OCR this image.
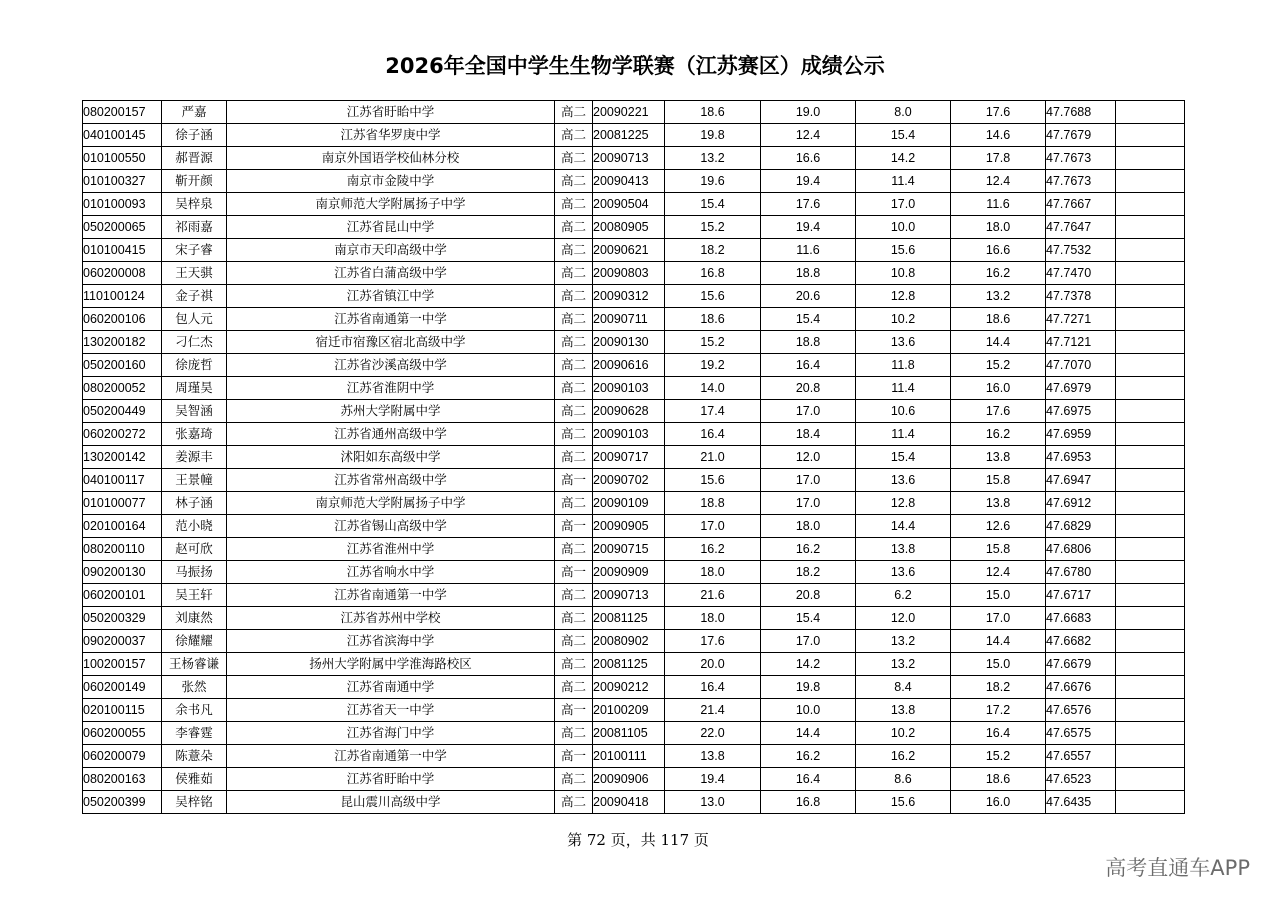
2026年全国中学生生物学联赛（江苏赛区）成绩公示
080200157	严嘉	江苏省盱眙中学	高二	20090221	18.6	19.0	8.0	17.6	47.7688	
040100145	徐子涵	江苏省华罗庚中学	高二	20081225	19.8	12.4	15.4	14.6	47.7679	
010100550	郝晋源	南京外国语学校仙林分校	高二	20090713	13.2	16.6	14.2	17.8	47.7673	
010100327	靳开颜	南京市金陵中学	高二	20090413	19.6	19.4	11.4	12.4	47.7673	
010100093	吴梓泉	南京师范大学附属扬子中学	高二	20090504	15.4	17.6	17.0	11.6	47.7667	
050200065	祁雨嘉	江苏省昆山中学	高二	20080905	15.2	19.4	10.0	18.0	47.7647	
010100415	宋子睿	南京市天印高级中学	高二	20090621	18.2	11.6	15.6	16.6	47.7532	
060200008	王天骐	江苏省白蒲高级中学	高二	20090803	16.8	18.8	10.8	16.2	47.7470	
110100124	金子祺	江苏省镇江中学	高二	20090312	15.6	20.6	12.8	13.2	47.7378	
060200106	包人元	江苏省南通第一中学	高二	20090711	18.6	15.4	10.2	18.6	47.7271	
130200182	刁仁杰	宿迁市宿豫区宿北高级中学	高二	20090130	15.2	18.8	13.6	14.4	47.7121	
050200160	徐庞哲	江苏省沙溪高级中学	高二	20090616	19.2	16.4	11.8	15.2	47.7070	
080200052	周瑾昊	江苏省淮阴中学	高二	20090103	14.0	20.8	11.4	16.0	47.6979	
050200449	吴智涵	苏州大学附属中学	高二	20090628	17.4	17.0	10.6	17.6	47.6975	
060200272	张嘉琦	江苏省通州高级中学	高二	20090103	16.4	18.4	11.4	16.2	47.6959	
130200142	姜源丰	沭阳如东高级中学	高二	20090717	21.0	12.0	15.4	13.8	47.6953	
040100117	王景幢	江苏省常州高级中学	高一	20090702	15.6	17.0	13.6	15.8	47.6947	
010100077	林子涵	南京师范大学附属扬子中学	高二	20090109	18.8	17.0	12.8	13.8	47.6912	
020100164	范小晓	江苏省锡山高级中学	高一	20090905	17.0	18.0	14.4	12.6	47.6829	
080200110	赵可欣	江苏省淮州中学	高二	20090715	16.2	16.2	13.8	15.8	47.6806	
090200130	马振扬	江苏省响水中学	高一	20090909	18.0	18.2	13.6	12.4	47.6780	
060200101	吴王轩	江苏省南通第一中学	高二	20090713	21.6	20.8	6.2	15.0	47.6717	
050200329	刘康然	江苏省苏州中学校	高二	20081125	18.0	15.4	12.0	17.0	47.6683	
090200037	徐耀耀	江苏省滨海中学	高二	20080902	17.6	17.0	13.2	14.4	47.6682	
100200157	王杨睿谦	扬州大学附属中学淮海路校区	高二	20081125	20.0	14.2	13.2	15.0	47.6679	
060200149	张然	江苏省南通中学	高二	20090212	16.4	19.8	8.4	18.2	47.6676	
020100115	余书凡	江苏省天一中学	高一	20100209	21.4	10.0	13.8	17.2	47.6576	
060200055	李睿霆	江苏省海门中学	高二	20081105	22.0	14.4	10.2	16.4	47.6575	
060200079	陈薏朵	江苏省南通第一中学	高一	20100111	13.8	16.2	16.2	15.2	47.6557	
080200163	侯雅茹	江苏省盱眙中学	高二	20090906	19.4	16.4	8.6	18.6	47.6523	
050200399	吴梓铭	昆山震川高级中学	高二	20090418	13.0	16.8	15.6	16.0	47.6435	
第 72 页，共 117 页
高考直通车APP
